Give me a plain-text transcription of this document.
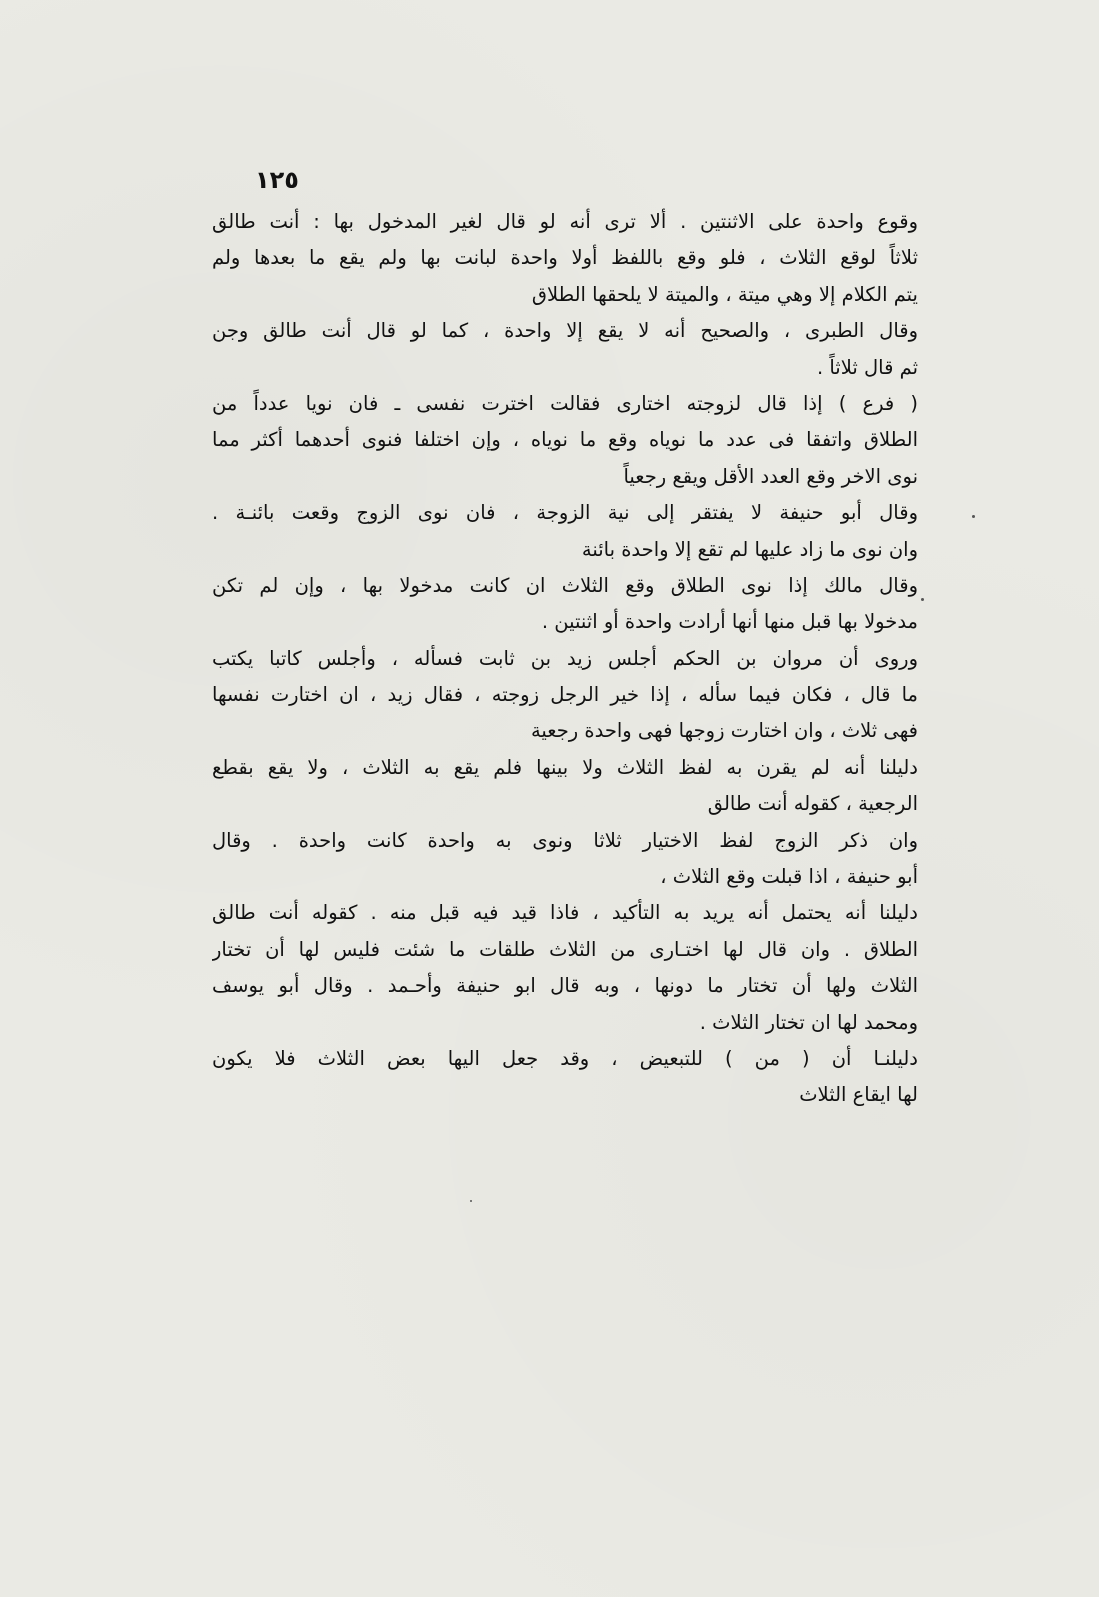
١٢٥
وقوع واحدة على الاثنتين . ألا ترى أنه لو قال لغير المدخول بها : أنت طالق
ثلاثاً لوقع الثلاث ، فلو وقع باللفظ أولا واحدة لبانت بها ولم يقع ما بعدها ولم
يتم الكلام إلا وهي ميتة ، والميتة لا يلحقها الطلاق
وقال الطبرى ، والصحيح أنه لا يقع إلا واحدة ، كما لو قال أنت طالق وجن
ثم قال ثلاثاً .
( فرع ) إذا قال لزوجته اختارى فقالت اخترت نفسى ـ فان نويا عدداً من
الطلاق واتفقا فى عدد ما نوياه وقع ما نوياه ، وإن اختلفا فنوى أحدهما أكثر مما
نوى الاخر وقع العدد الأقل ويقع رجعياً
وقال أبو حنيفة لا يفتقر إلى نية الزوجة ، فان نوى الزوج وقعت بائنـة .
وان نوى ما زاد عليها لم تقع إلا واحدة بائنة
وقال مالك إذا نوى الطلاق وقع الثلاث ان كانت مدخولا بها ، وإن لم تكن
مدخولا بها قبل منها أنها أرادت واحدة أو اثنتين .
وروى أن مروان بن الحكم أجلس زيد بن ثابت فسأله ، وأجلس كاتبا يكتب
ما قال ، فكان فيما سأله ، إذا خير الرجل زوجته ، فقال زيد ، ان اختارت نفسها
فهى ثلاث ، وان اختارت زوجها فهى واحدة رجعية
دليلنا أنه لم يقرن به لفظ الثلاث ولا بينها فلم يقع به الثلاث ، ولا يقع بقطع
الرجعية ، كقوله أنت طالق
وان ذكر الزوج لفظ الاختيار ثلاثا ونوى به واحدة كانت واحدة . وقال
أبو حنيفة ، اذا قبلت وقع الثلاث ،
دليلنا أنه يحتمل أنه يريد به التأكيد ، فاذا قيد فيه قبل منه . كقوله أنت طالق
الطلاق . وان قال لها اختـارى من الثلاث طلقات ما شئت فليس لها أن تختار
الثلاث ولها أن تختار ما دونها ، وبه قال ابو حنيفة وأحـمد . وقال أبو يوسف
ومحمد لها ان تختار الثلاث .
دليلنـا أن ( من ) للتبعيض ، وقد جعل اليها بعض الثلاث فلا يكون
لها ايقاع الثلاث
